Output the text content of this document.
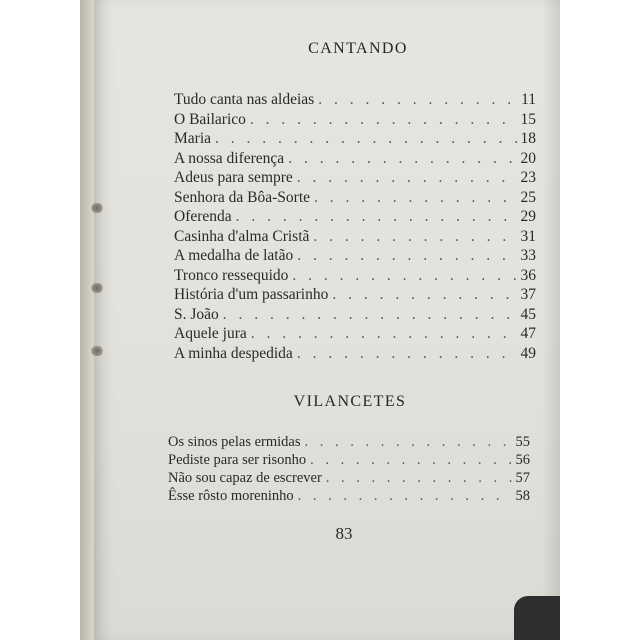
CANTANDO
Tudo canta nas aldeias . . .	11
O Bailarico . . .	15
Maria . . .	18
A nossa diferença . . .	20
Adeus para sempre . . .	23
Senhora da Bôa-Sorte . . .	25
Oferenda . . .	29
Casinha d'alma Cristã . . .	31
A medalha de latão . . .	33
Tronco ressequido . . .	36
História d'um passarinho . . .	37
S. João . . .	45
Aquele jura . . .	47
A minha despedida . . .	49
VILANCETES
Os sinos pelas ermidas . . .	55
Pediste para ser risonho . . .	56
Não sou capaz de escrever . . .	57
Êsse rôsto moreninho . . .	58
83
